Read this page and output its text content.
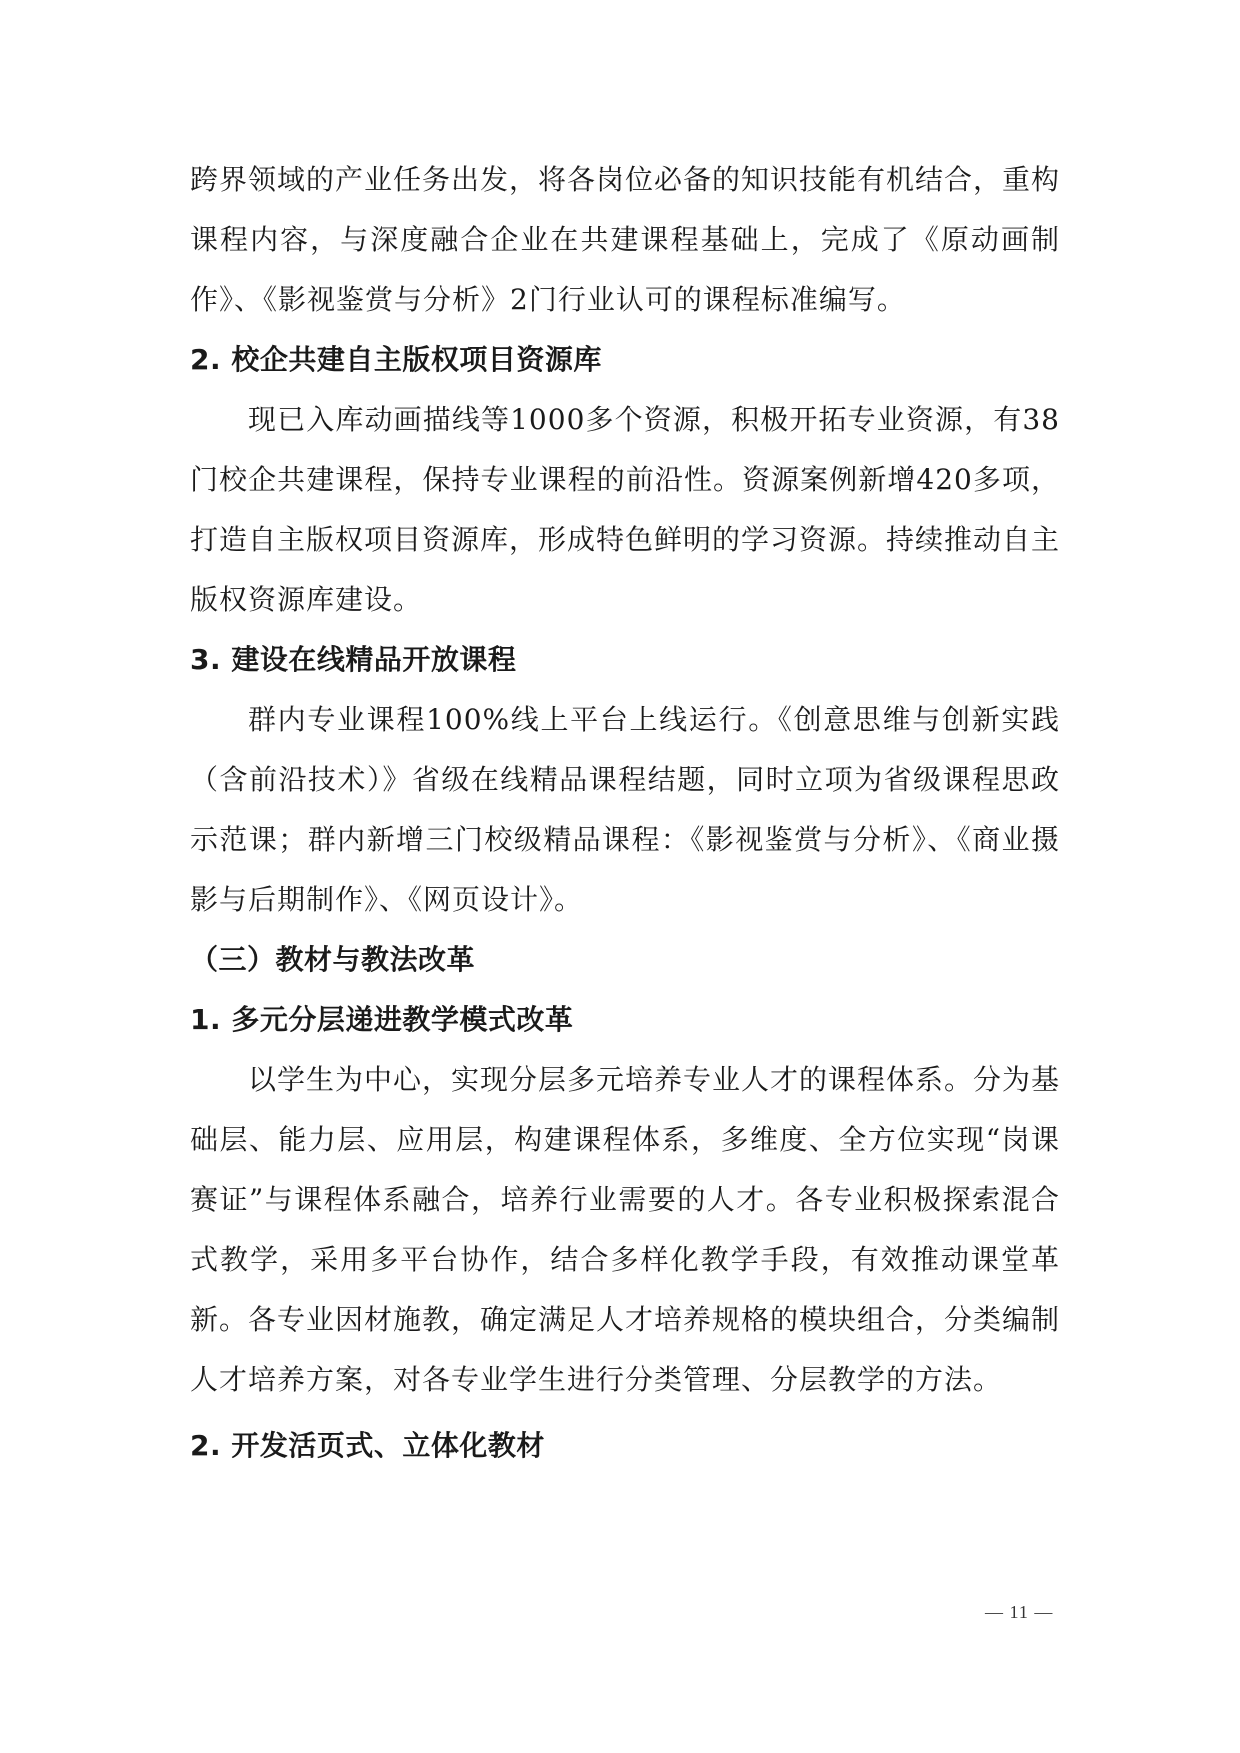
跨界领域的产业任务出发，将各岗位必备的知识技能有机结合，重构课程内容，与深度融合企业在共建课程基础上，完成了《原动画制作》、《影视鉴赏与分析》2门行业认可的课程标准编写。

2. 校企共建自主版权项目资源库

现已入库动画描线等1000多个资源，积极开拓专业资源，有38门校企共建课程，保持专业课程的前沿性。资源案例新增420多项，打造自主版权项目资源库，形成特色鲜明的学习资源。持续推动自主版权资源库建设。

3. 建设在线精品开放课程

群内专业课程100%线上平台上线运行。《创意思维与创新实践（含前沿技术）》省级在线精品课程结题，同时立项为省级课程思政示范课；群内新增三门校级精品课程：《影视鉴赏与分析》、《商业摄影与后期制作》、《网页设计》。

（三）教材与教法改革

1. 多元分层递进教学模式改革

以学生为中心，实现分层多元培养专业人才的课程体系。分为基础层、能力层、应用层，构建课程体系，多维度、全方位实现“岗课赛证”与课程体系融合，培养行业需要的人才。各专业积极探索混合式教学，采用多平台协作，结合多样化教学手段，有效推动课堂革新。各专业因材施教，确定满足人才培养规格的模块组合，分类编制人才培养方案，对各专业学生进行分类管理、分层教学的方法。

2. 开发活页式、立体化教材

— 11 —
